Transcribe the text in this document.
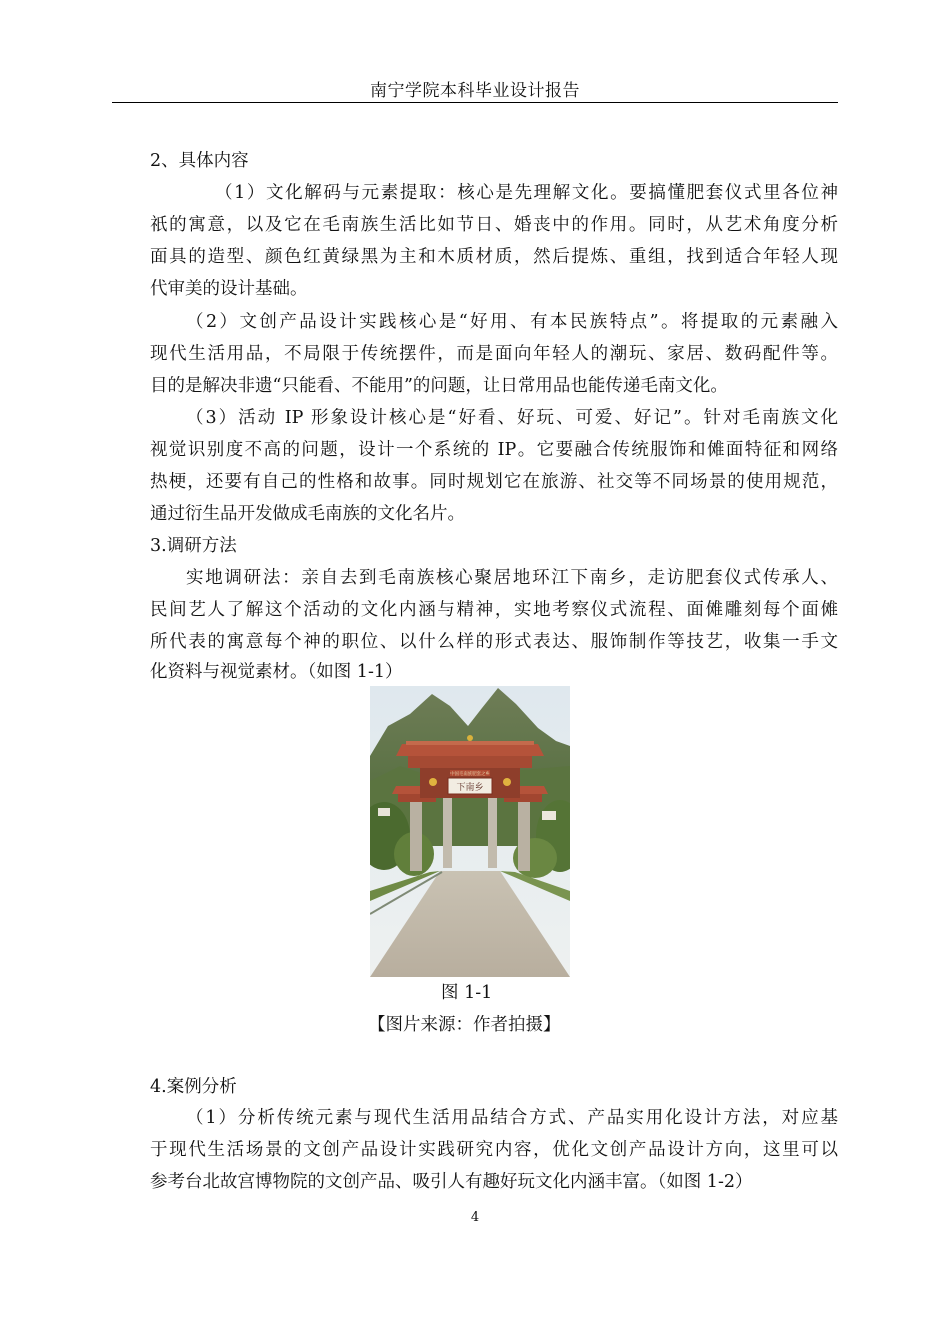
南宁学院本科毕业设计报告
2、具体内容
（1）文化解码与元素提取：核心是先理解文化。要搞懂肥套仪式里各位神
祇的寓意，以及它在毛南族生活比如节日、婚丧中的作用。同时，从艺术角度分析
面具的造型、颜色红黄绿黑为主和木质材质，然后提炼、重组，找到适合年轻人现
代审美的设计基础。
（2）文创产品设计实践核心是“好用、有本民族特点”。将提取的元素融入
现代生活用品，不局限于传统摆件，而是面向年轻人的潮玩、家居、数码配件等。
目的是解决非遗“只能看、不能用”的问题，让日常用品也能传递毛南文化。
（3）活动 IP 形象设计核心是“好看、好玩、可爱、好记”。针对毛南族文化
视觉识别度不高的问题，设计一个系统的 IP。它要融合传统服饰和傩面特征和网络
热梗，还要有自己的性格和故事。同时规划它在旅游、社交等不同场景的使用规范，
通过衍生品开发做成毛南族的文化名片。
3.调研方法
实地调研法：亲自去到毛南族核心聚居地环江下南乡，走访肥套仪式传承人、
民间艺人了解这个活动的文化内涵与精神，实地考察仪式流程、面傩雕刻每个面傩
所代表的寓意每个神的职位、以什么样的形式表达、服饰制作等技艺，收集一手文
化资料与视觉素材。（如图 1-1）
中国毛南族肥套之乡
下南乡
图 1-1
【图片来源：作者拍摄】
4.案例分析
（1）分析传统元素与现代生活用品结合方式、产品实用化设计方法，对应基
于现代生活场景的文创产品设计实践研究内容，优化文创产品设计方向，这里可以
参考台北故宫博物院的文创产品、吸引人有趣好玩文化内涵丰富。（如图 1-2）
4
